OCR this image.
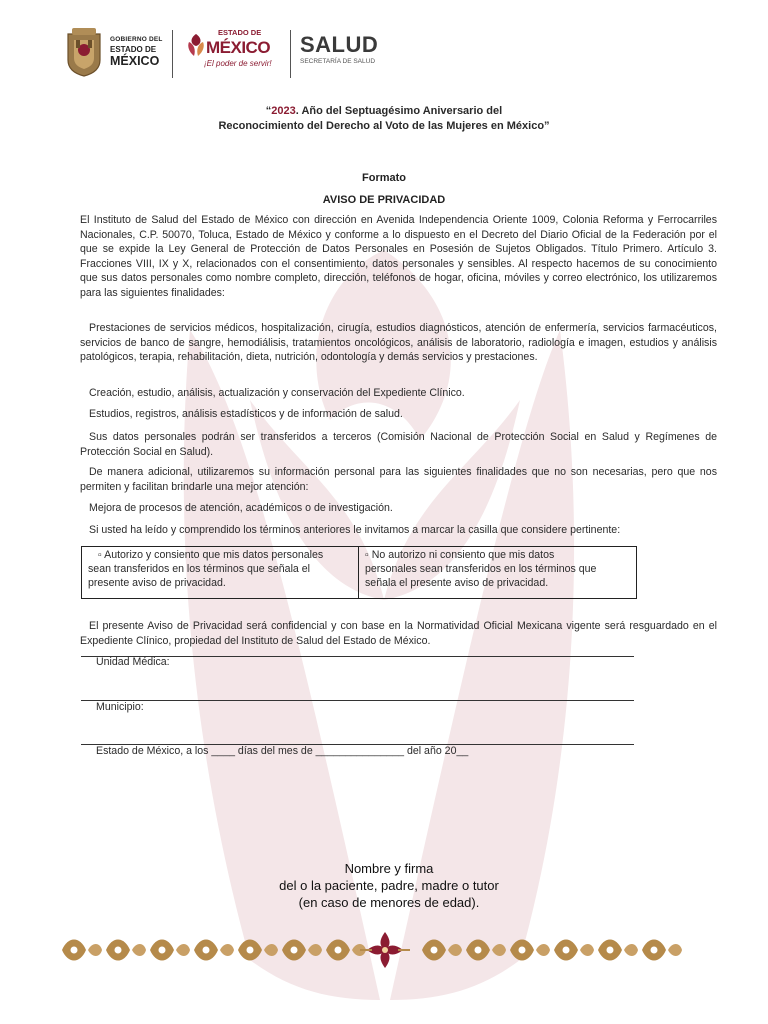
GOBIERNO DEL
ESTADO DE
MÉXICO
ESTADO DE
MÉXICO
¡El poder de servir!
SALUD
SECRETARÍA DE SALUD
“2023. Año del Septuagésimo Aniversario del
Reconocimiento del Derecho al Voto de las Mujeres en México”
Formato
AVISO DE PRIVACIDAD

El Instituto de Salud del Estado de México con dirección en Avenida Independencia Oriente 1009, Colonia Reforma y Ferrocarriles Nacionales, C.P. 50070, Toluca, Estado de México y conforme a lo dispuesto en el Decreto del Diario Oficial de la Federación por el que se expide la Ley General de Protección de Datos Personales en Posesión de Sujetos Obligados. Título Primero. Artículo 3. Fracciones VIII, IX y X, relacionados con el consentimiento, datos personales y sensibles. Al respecto hacemos de su conocimiento que sus datos personales como nombre completo, dirección, teléfonos de hogar, oficina, móviles y correo electrónico, los utilizaremos para las siguientes finalidades:

Prestaciones de servicios médicos, hospitalización, cirugía, estudios diagnósticos, atención de enfermería, servicios farmacéuticos, servicios de banco de sangre, hemodiálisis, tratamientos oncológicos, análisis de laboratorio, radiología e imagen, estudios y análisis patológicos, terapia, rehabilitación, dieta, nutrición, odontología y demás servicios y prestaciones.

Creación, estudio, análisis, actualización y conservación del Expediente Clínico.

Estudios, registros, análisis estadísticos y de información de salud.

Sus datos personales podrán ser transferidos a terceros (Comisión Nacional de Protección Social en Salud y Regímenes de Protección Social en Salud).

De manera adicional, utilizaremos su información personal para las siguientes finalidades que no son necesarias, pero que nos permiten y facilitan brindarle una mejor atención:

Mejora de procesos de atención, académicos o de investigación.

Si usted ha leído y comprendido los términos anteriores le invitamos a marcar la casilla que considere pertinente:

▫ Autorizo y consiento que mis datos personales
sean transferidos en los términos que señala el
presente aviso de privacidad.
▫ No autorizo ni consiento que mis datos
personales sean transferidos en los términos que
señala el presente aviso de privacidad.

El presente Aviso de Privacidad será confidencial y con base en la Normatividad Oficial Mexicana vigente será resguardado en el Expediente Clínico, propiedad del Instituto de Salud del Estado de México.

Unidad Médica:
Municipio:
Estado de México, a los ____ días del mes de _______________ del año 20__
Nombre y firma
del o la paciente, padre, madre o tutor
(en caso de menores de edad).
